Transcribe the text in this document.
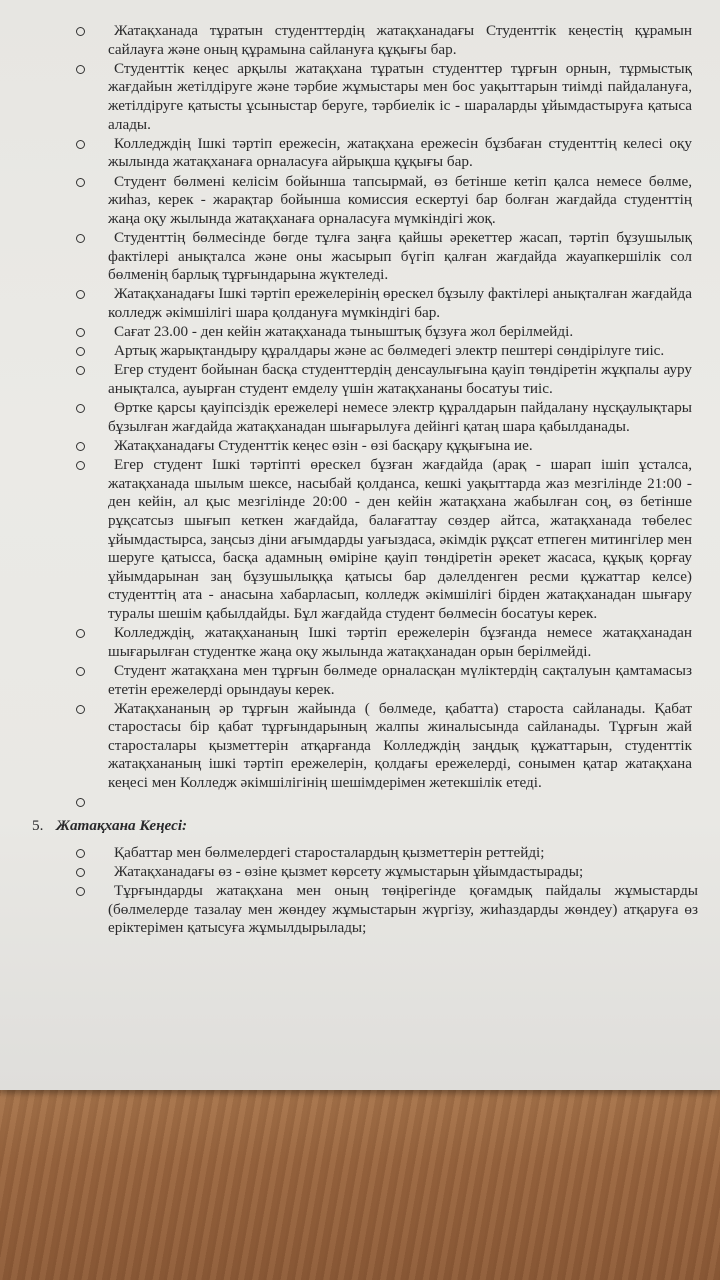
Жатақханада тұратын студенттердің жатақханадағы Студенттік кеңестің құрамын сайлауға және оның құрамына сайлануға құқығы бар.
Студенттік кеңес арқылы жатақхана тұратын студенттер тұрғын орнын, тұрмыстық жағдайын жетілдіруге және тәрбие жұмыстары мен бос уақыттарын тиімді пайдалануға, жетілдіруге қатысты ұсыныстар беруге, тәрбиелік іс - шараларды ұйымдастыруға қатыса алады.
Колледждің Ішкі тәртіп ережесін, жатақхана ережесін бұзбаған студенттің келесі оқу жылында жатақханаға орналасуға айрықша құқығы бар.
Студент бөлмені келісім бойынша тапсырмай, өз бетінше кетіп қалса немесе бөлме, жиһаз, керек - жарақтар бойынша комиссия ескертуі бар болған жағдайда студенттің жаңа оқу жылында жатақханаға орналасуға мүмкіндігі жоқ.
Студенттің бөлмесінде бөгде тұлға заңға қайшы әрекеттер жасап, тәртіп бұзушылық фактілері анықталса және оны жасырып бүгіп қалған жағдайда жауапкершілік сол бөлменің барлық тұрғындарына жүктеледі.
Жатақханадағы Ішкі тәртіп ережелерінің өрескел бұзылу фактілері анықталған жағдайда колледж әкімшілігі шара қолдануға мүмкіндігі бар.
Сағат 23.00 - ден кейін жатақханада тыныштық бұзуға жол берілмейді.
Артық жарықтандыру құралдары және ас бөлмедегі электр пештері сөндірілуге тиіс.
Егер студент бойынан басқа студенттердің денсаулығына қауіп төндіретін жұқпалы ауру анықталса, ауырған студент емделу үшін жатақхананы босатуы тиіс.
Өртке қарсы қауіпсіздік ережелері немесе электр құралдарын пайдалану нұсқаулықтары бұзылған жағдайда жатақханадан шығарылуға дейінгі қатаң шара қабылданады.
Жатақханадағы Студенттік кеңес өзін - өзі басқару құқығына ие.
Егер студент Ішкі тәртіпті өрескел бұзған жағдайда (арақ - шарап ішіп ұсталса, жатақханада шылым шексе, насыбай қолданса, кешкі уақыттарда жаз мезгілінде 21:00 - ден кейін, ал қыс мезгілінде 20:00 - ден кейін жатақхана жабылған соң, өз бетінше рұқсатсыз шығып кеткен жағдайда, балағаттау сөздер айтса, жатақханада төбелес ұйымдастырса, заңсыз діни ағымдарды уағыздаса, әкімдік рұқсат етпеген митингілер мен шеруге қатысса, басқа адамның өміріне қауіп төндіретін әрекет жасаса, құқық қорғау ұйымдарынан заң бұзушылыққа қатысы бар дәлелденген ресми құжаттар келсе) студенттің ата - анасына хабарласып, колледж әкімшілігі бірден жатақханадан шығару туралы шешім қабылдайды. Бұл жағдайда студент бөлмесін босатуы керек.
Колледждің, жатақхананың Ішкі тәртіп ережелерін бұзғанда немесе жатақханадан шығарылған студентке жаңа оқу жылында жатақханадан орын берілмейді.
Студент жатақхана мен тұрғын бөлмеде орналасқан мүліктердің сақталуын қамтамасыз ететін ережелерді орындауы керек.
Жатақхананың әр тұрғын жайында ( бөлмеде, қабатта) староста сайланады. Қабат старостасы бір қабат тұрғындарының жалпы жиналысында сайланады. Тұрғын жай старосталары қызметтерін атқарғанда Колледждің заңдық құжаттарын, студенттік жатақхананың ішкі тәртіп ережелерін, қолдағы ережелерді, сонымен қатар жатақхана кеңесі мен Колледж әкімшілігінің шешімдерімен жетекшілік етеді.
5. Жатақхана Кеңесі:
Қабаттар мен бөлмелердегі старосталардың қызметтерін реттейді;
Жатақханадағы өз - өзіне қызмет көрсету жұмыстарын ұйымдастырады;
Тұрғындарды жатақхана мен оның төңірегінде қоғамдық пайдалы жұмыстарды (бөлмелерде тазалау мен жөндеу жұмыстарын жүргізу, жиһаздарды жөндеу) атқаруға өз еріктерімен қатысуға жұмылдырылады;
